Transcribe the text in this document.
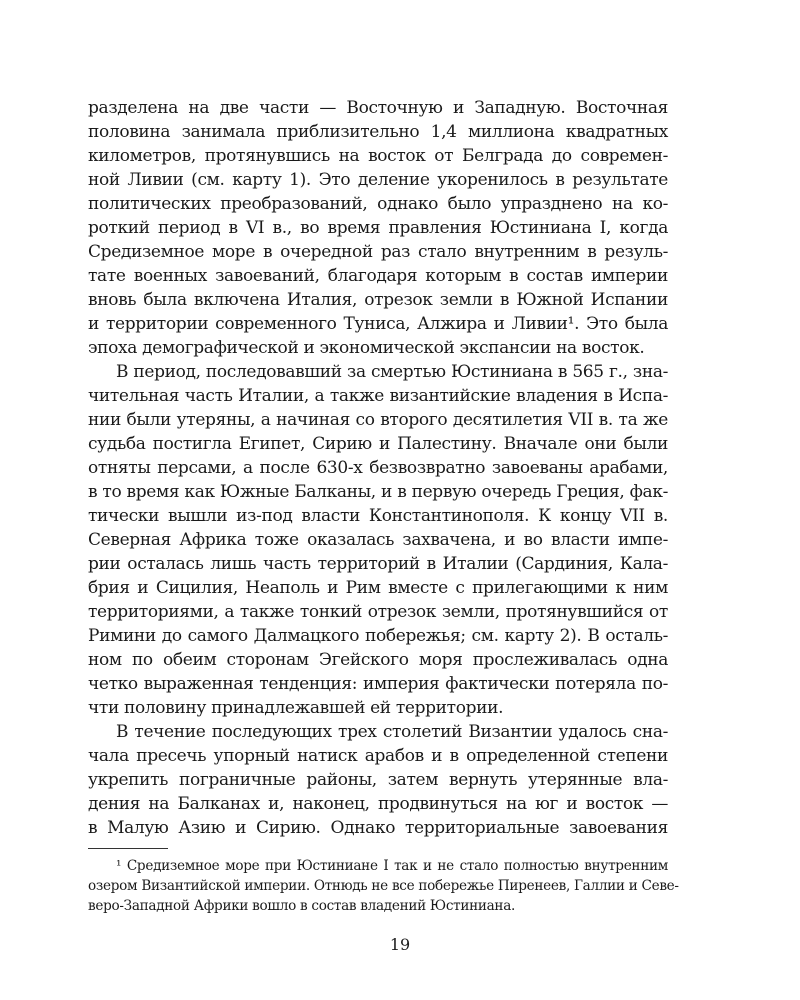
разделена на две части — Восточную и Западную. Восточная
половина занимала приблизительно 1,4 миллиона квадратных
километров, протянувшись на восток от Белграда до современ-
ной Ливии (см. карту 1). Это деление укоренилось в результате
политических преобразований, однако было упразднено на ко-
роткий период в VI в., во время правления Юстиниана I, когда
Средиземное море в очередной раз стало внутренним в резуль-
тате военных завоеваний, благодаря которым в состав империи
вновь была включена Италия, отрезок земли в Южной Испании
и территории современного Туниса, Алжира и Ливии¹. Это была
эпоха демографической и экономической экспансии на восток.
В период, последовавший за смертью Юстиниана в 565 г., зна-
чительная часть Италии, а также византийские владения в Испа-
нии были утеряны, а начиная со второго десятилетия VII в. та же
судьба постигла Египет, Сирию и Палестину. Вначале они были
отняты персами, а после 630-х безвозвратно завоеваны арабами,
в то время как Южные Балканы, и в первую очередь Греция, фак-
тически вышли из-под власти Константинополя. К концу VII в.
Северная Африка тоже оказалась захвачена, и во власти импе-
рии осталась лишь часть территорий в Италии (Сардиния, Кала-
брия и Сицилия, Неаполь и Рим вместе с прилегающими к ним
территориями, а также тонкий отрезок земли, протянувшийся от
Римини до самого Далмацкого побережья; см. карту 2). В осталь-
ном по обеим сторонам Эгейского моря прослеживалась одна
четко выраженная тенденция: империя фактически потеряла по-
чти половину принадлежавшей ей территории.
В течение последующих трех столетий Византии удалось сна-
чала пресечь упорный натиск арабов и в определенной степени
укрепить пограничные районы, затем вернуть утерянные вла-
дения на Балканах и, наконец, продвинуться на юг и восток —
в Малую Азию и Сирию. Однако территориальные завоевания
¹ Средиземное море при Юстиниане I так и не стало полностью внутренним
озером Византийской империи. Отнюдь не все побережье Пиренеев, Галлии и Севе-
веро-Западной Африки вошло в состав владений Юстиниана.
19
